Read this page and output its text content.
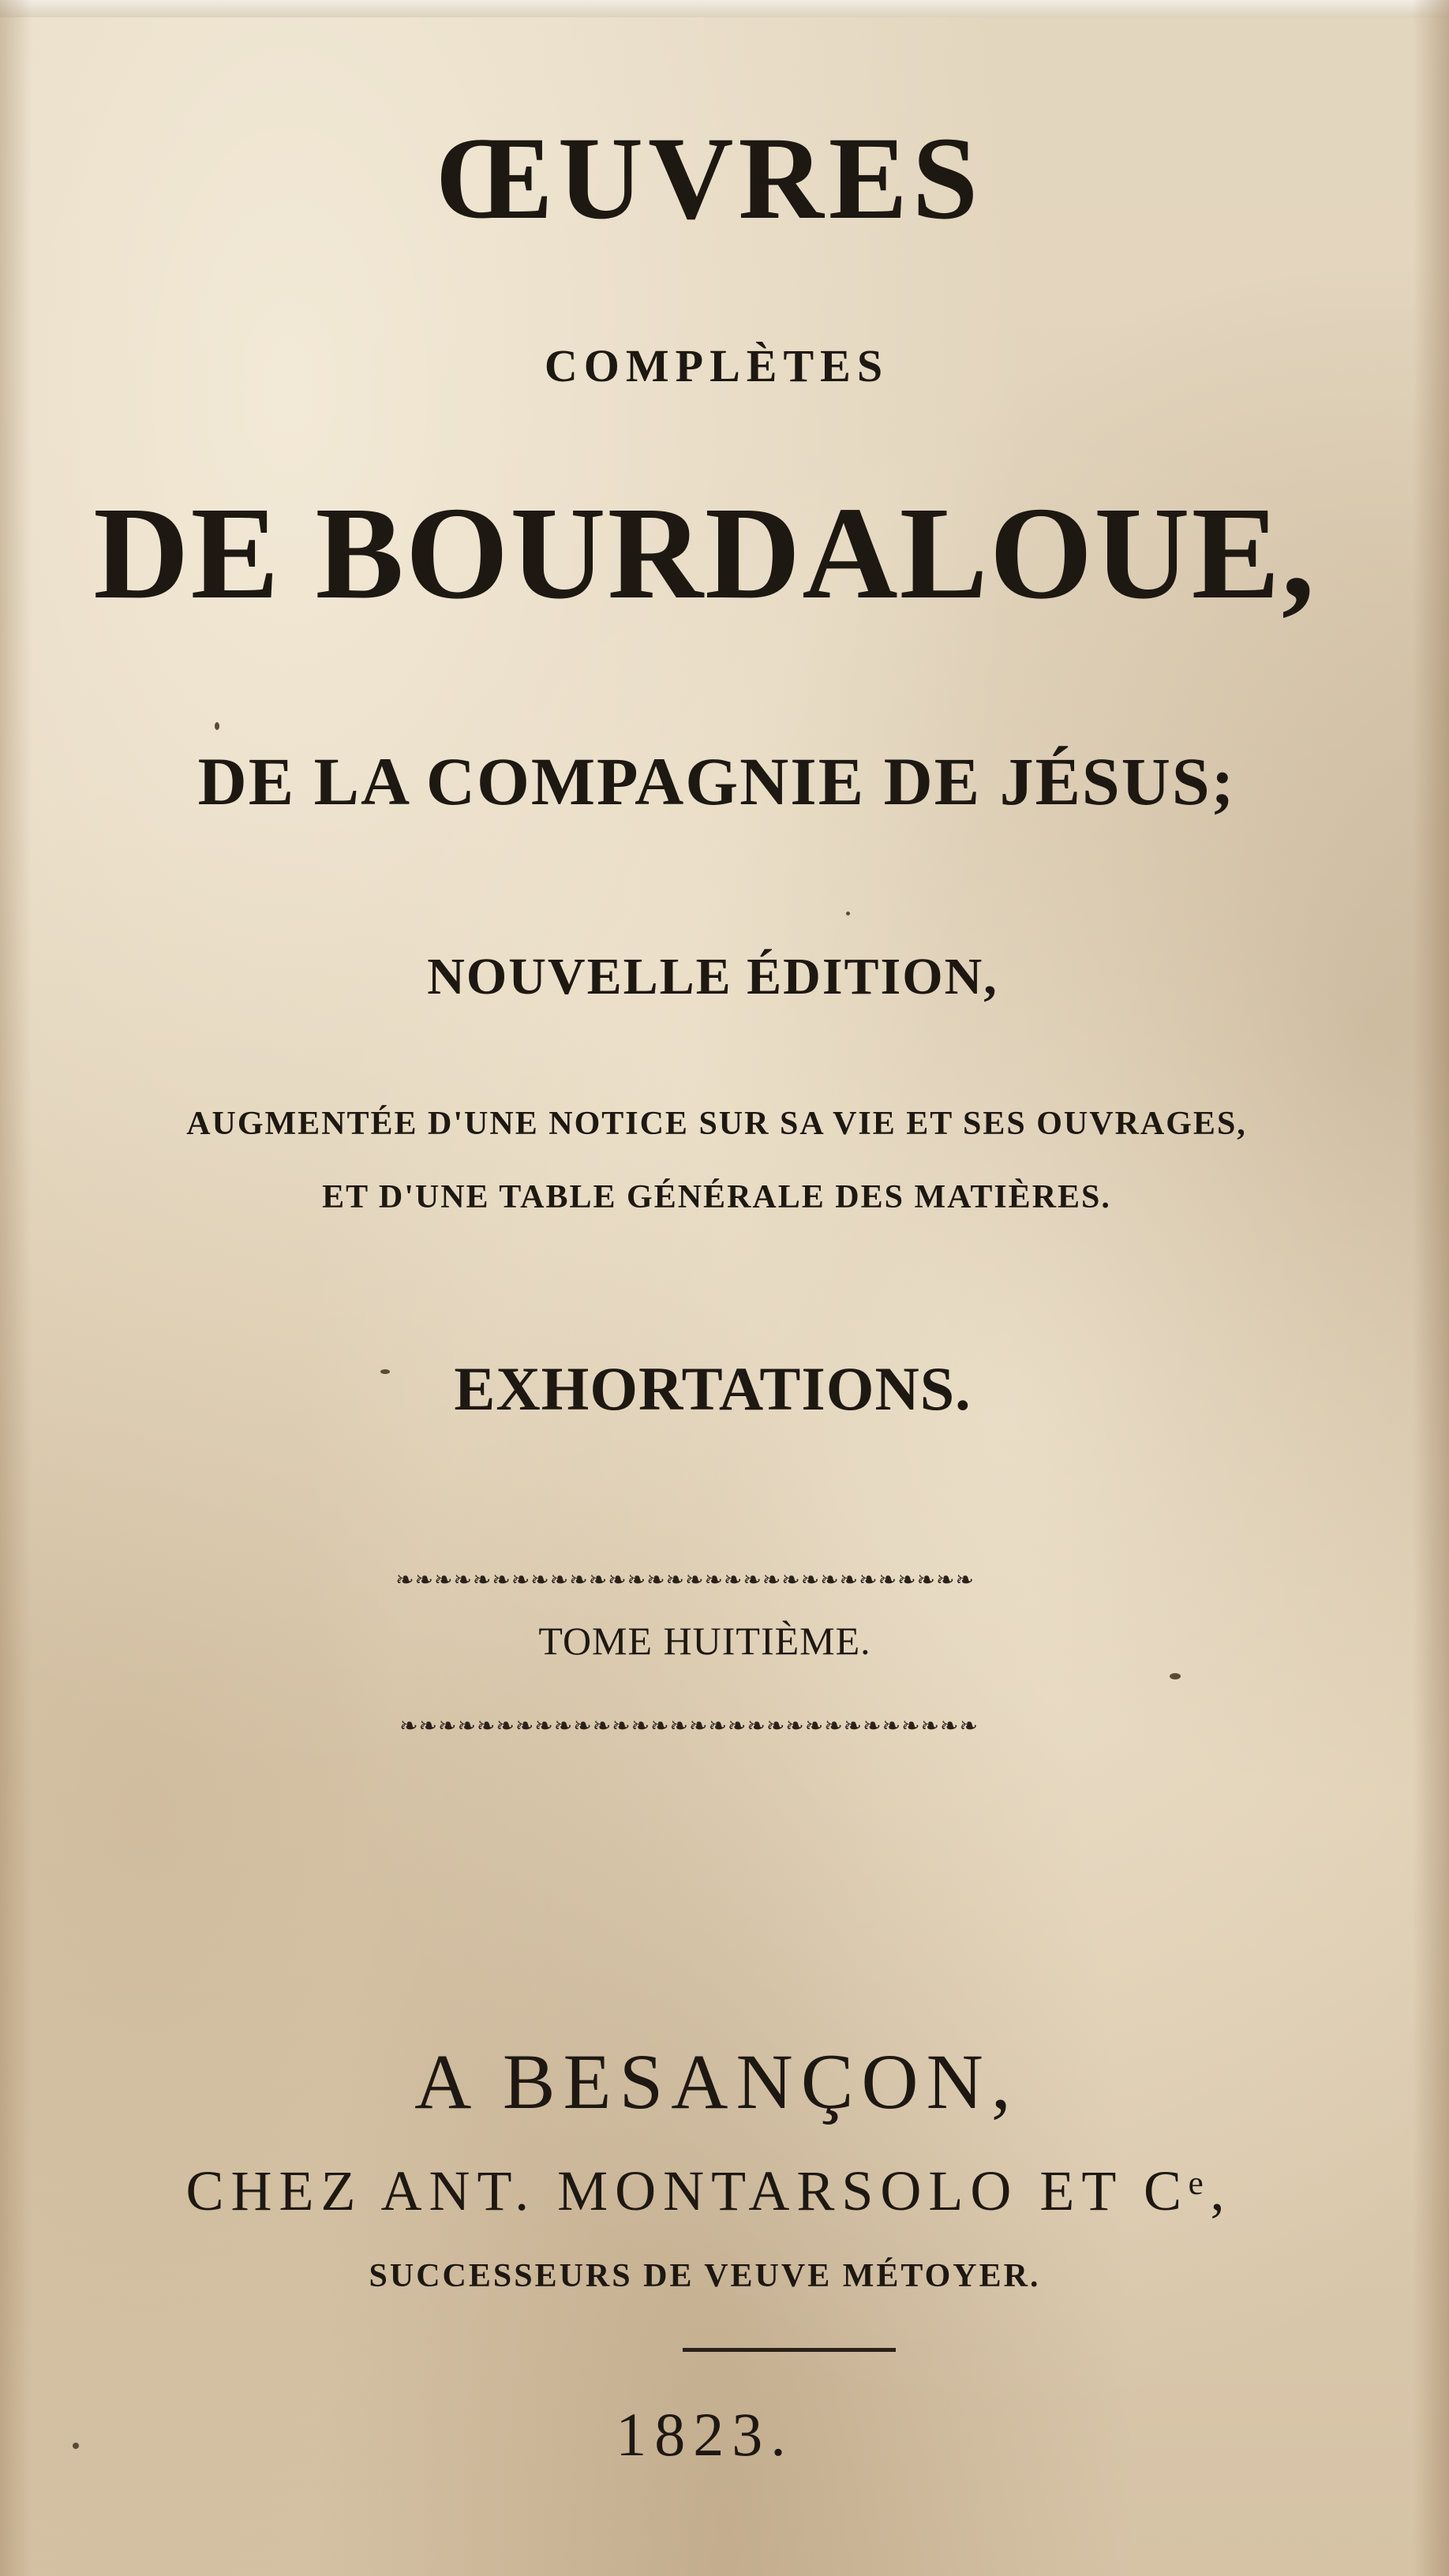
ŒUVRES
COMPLÈTES
DE BOURDALOUE,
DE LA COMPAGNIE DE JÉSUS;
NOUVELLE ÉDITION,
AUGMENTÉE D'UNE NOTICE SUR SA VIE ET SES OUVRAGES,
ET D'UNE TABLE GÉNÉRALE DES MATIÈRES.
EXHORTATIONS.
❧❧❧❧❧❧❧❧❧❧❧❧❧❧❧❧❧❧❧❧❧❧❧❧❧❧❧❧❧❧
TOME HUITIÈME.
❧❧❧❧❧❧❧❧❧❧❧❧❧❧❧❧❧❧❧❧❧❧❧❧❧❧❧❧❧❧
A BESANÇON,
CHEZ ANT. MONTARSOLO ET Cᵉ,
SUCCESSEURS DE VEUVE MÉTOYER.
1823.
